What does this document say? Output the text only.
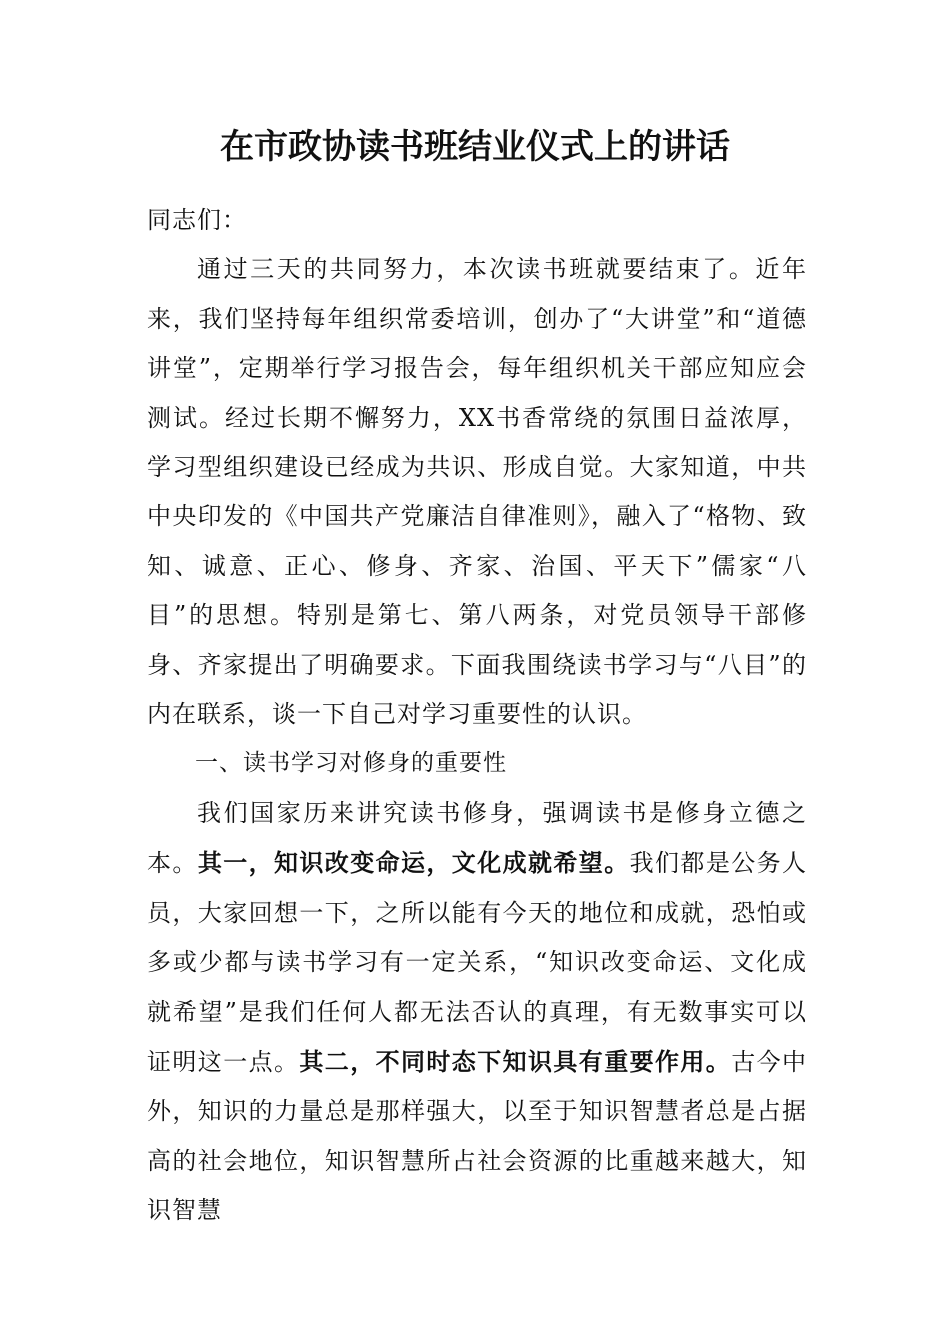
在市政协读书班结业仪式上的讲话

同志们：

通过三天的共同努力，本次读书班就要结束了。近年来，我们坚持每年组织常委培训，创办了“大讲堂”和“道德讲堂”，定期举行学习报告会，每年组织机关干部应知应会测试。经过长期不懈努力，XX书香常绕的氛围日益浓厚，学习型组织建设已经成为共识、形成自觉。大家知道，中共中央印发的《中国共产党廉洁自律准则》，融入了“格物、致知、诚意、正心、修身、齐家、治国、平天下”儒家“八目”的思想。特别是第七、第八两条，对党员领导干部修身、齐家提出了明确要求。下面我围绕读书学习与“八目”的内在联系，谈一下自己对学习重要性的认识。

一、读书学习对修身的重要性

我们国家历来讲究读书修身，强调读书是修身立德之本。其一，知识改变命运，文化成就希望。我们都是公务人员，大家回想一下，之所以能有今天的地位和成就，恐怕或多或少都与读书学习有一定关系，“知识改变命运、文化成就希望”是我们任何人都无法否认的真理，有无数事实可以证明这一点。其二，不同时态下知识具有重要作用。古今中外，知识的力量总是那样强大，以至于知识智慧者总是占据高的社会地位，知识智慧所占社会资源的比重越来越大，知识智慧
